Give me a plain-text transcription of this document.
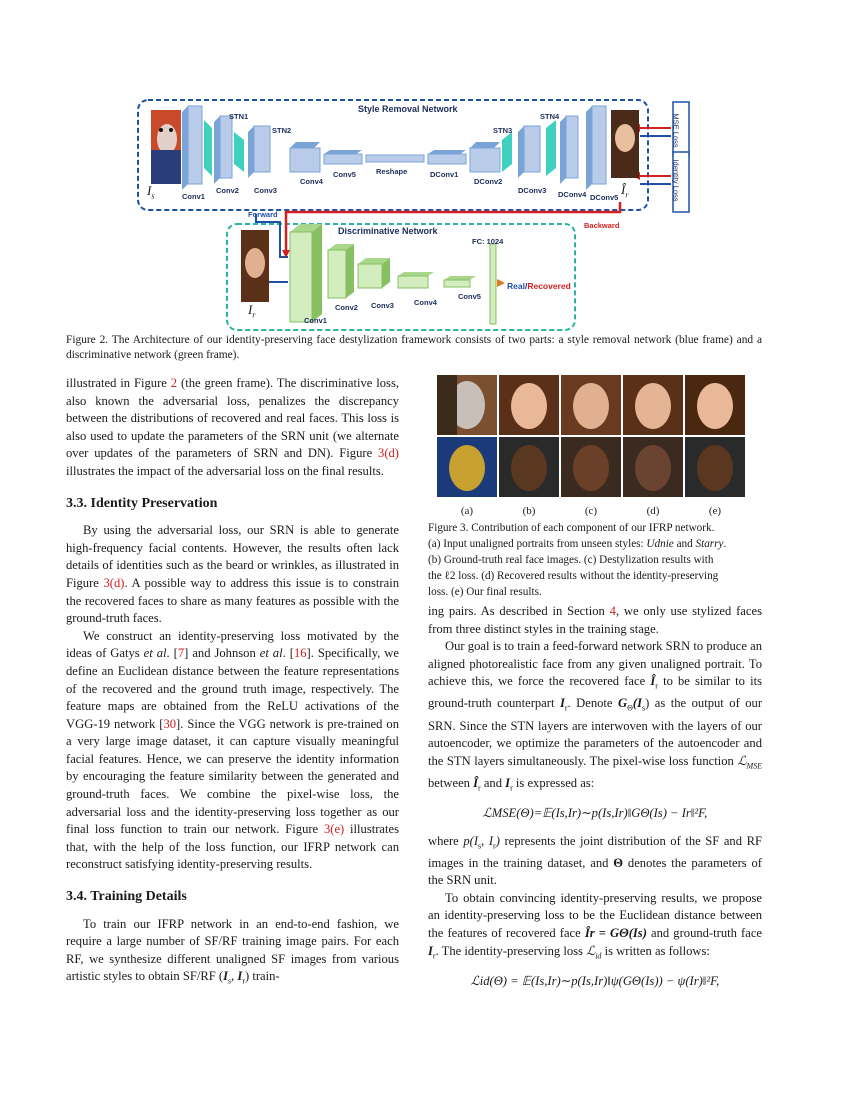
$I_s$	$Î_r$
$I_r$
Style Removal Network
Discriminative Network
STN1
STN2	STN3
STN4
Conv1
Conv2 Conv3
Conv4
Conv5	Reshape	DConv1
DConv2
DConv3 DConv4 DConv5
Conv1
Conv2 Conv3	Conv4
Conv5
FC: 1024
Real/Recovered
Forward
Backward
MSE Loss
Identity Loss
Figure 2. The Architecture of our identity-preserving face destylization framework consists of two parts: a style removal network (blue frame) and a discriminative network (green frame).
(a)	(b)	(c)	(d)	(e)
Figure 3. Contribution of each component of our IFRP network.
(a) Input unaligned portraits from unseen styles: Udnie and Starry.
(b) Ground-truth real face images. (c) Destylization results with
the ℓ2 loss. (d) Recovered results without the identity-preserving
loss. (e) Our final results.

illustrated in Figure 2 (the green frame). The discriminative loss, also known the adversarial loss, penalizes the discrepancy between the distributions of recovered and real faces. This loss is also used to update the parameters of the SRN unit (we alternate over updates of the parameters of SRN and DN). Figure 3(d) illustrates the impact of the adversarial loss on the final results.

3.3. Identity Preservation

By using the adversarial loss, our SRN is able to generate high-frequency facial contents. However, the results often lack details of identities such as the beard or wrinkles, as illustrated in Figure 3(d). A possible way to address this issue is to constrain the recovered faces to share as many features as possible with the ground-truth faces.

We construct an identity-preserving loss motivated by the ideas of Gatys et al. [7] and Johnson et al. [16]. Specifically, we define an Euclidean distance between the feature representations of the recovered and the ground truth image, respectively. The feature maps are obtained from the ReLU activations of the VGG-19 network [30]. Since the VGG network is pre-trained on a very large image dataset, it can capture visually meaningful facial features. Hence, we can preserve the identity information by encouraging the feature similarity between the generated and ground-truth faces. We combine the pixel-wise loss, the adversarial loss and the identity-preserving loss together as our final loss function to train our network. Figure 3(e) illustrates that, with the help of the loss function, our IFRP network can reconstruct satisfying identity-preserving results.

3.4. Training Details

To train our IFRP network in an end-to-end fashion, we require a large number of SF/RF training image pairs. For each RF, we synthesize different unaligned SF images from various artistic styles to obtain SF/RF ($I_s$, $I_r$) train-

ing pairs. As described in Section 4, we only use stylized faces from three distinct styles in the training stage.

Our goal is to train a feed-forward network SRN to produce an aligned photorealistic face from any given unaligned portrait. To achieve this, we force the recovered face $Î_r$ to be similar to its ground-truth counterpart $I_r$. Denote $G_\Theta(I_s)$ as the output of our SRN. Since the STN layers are interwoven with the layers of our autoencoder, we optimize the parameters of the autoencoder and the STN layers simultaneously. The pixel-wise loss function ℒ$_{MSE}$ between $Î_r$ and $I_r$ is expressed as:

ℒMSE(Θ)=𝔼(Is,Ir)∼p(Is,Ir)‖GΘ(Is) − Ir‖²F,

where $p(I_s$, $I_r$) represents the joint distribution of the SF and RF images in the training dataset, and Θ denotes the parameters of the SRN unit.

To obtain convincing identity-preserving results, we propose an identity-preserving loss to be the Euclidean distance between the features of recovered face Îr = GΘ(Is) and ground-truth face $I_r$. The identity-preserving loss ℒ$_{id}$ is written as follows:

ℒid(Θ) = 𝔼(Is,Ir)∼p(Is,Ir)‖ψ(GΘ(Is)) − ψ(Ir)‖²F,
